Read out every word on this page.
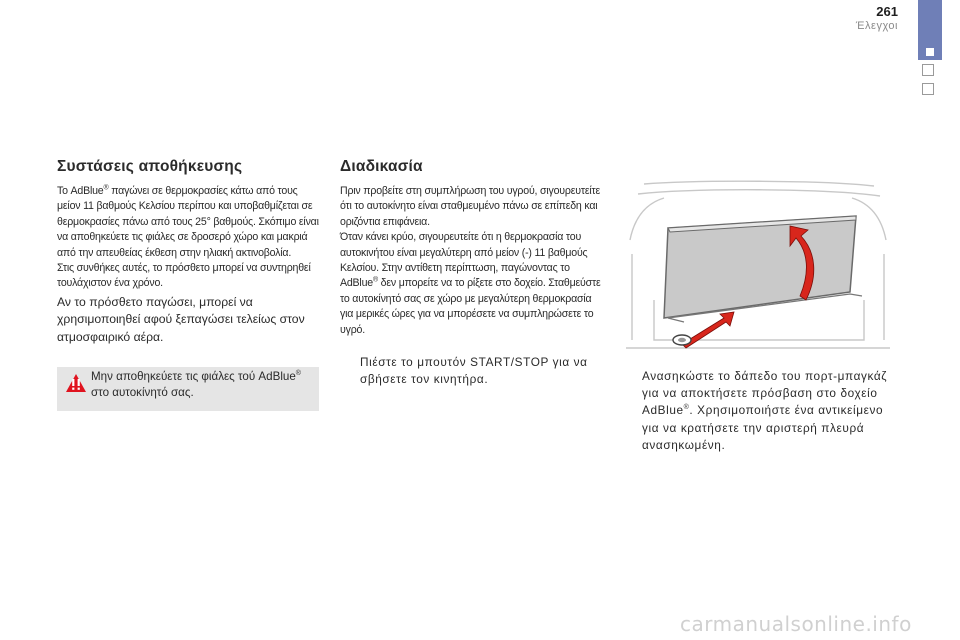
261
Έλεγχοι
Συστάσεις αποθήκευσης

Το AdBlue® παγώνει σε θερμοκρασίες κάτω από τους μείον 11 βαθμούς Κελσίου περίπου και υποβαθμίζεται σε θερμοκρασίες πάνω από τους 25° βαθμούς. Σκόπιμο είναι να αποθηκεύετε τις φιάλες σε δροσερό χώρο και μακριά από την απευθείας έκθεση στην ηλιακή ακτινοβολία.

Στις συνθήκες αυτές, το πρόσθετο μπορεί να συντηρηθεί τουλάχιστον ένα χρόνο.

Αν το πρόσθετο παγώσει, μπορεί να χρησιμοποιηθεί αφού ξεπαγώσει τελείως στον ατμοσφαιρικό αέρα.

Μην αποθηκεύετε τις φιάλες τού AdBlue® στο αυτοκίνητό σας.

Διαδικασία

Πριν προβείτε στη συμπλήρωση του υγρού, σιγουρευτείτε ότι το αυτοκίνητο είναι σταθμευμένο πάνω σε επίπεδη και οριζόντια επιφάνεια.

Όταν κάνει κρύο, σιγουρευτείτε ότι η θερμοκρασία του αυτοκινήτου είναι μεγαλύτερη από μείον (-) 11 βαθμούς Κελσίου. Στην αντίθετη περίπτωση, παγώνοντας το AdBlue® δεν μπορείτε να το ρίξετε στο δοχείο. Σταθμεύστε το αυτοκίνητό σας σε χώρο με μεγαλύτερη θερμοκρασία για μερικές ώρες για να μπορέσετε να συμπληρώσετε το υγρό.

Πιέστε το μπουτόν START/STOP για να σβήσετε τον κινητήρα.	Ανασηκώστε το δάπεδο του πορτ-μπαγκάζ για να αποκτήσετε πρόσβαση στο δοχείο AdBlue®. Χρησιμοποιήστε ένα αντικείμενο για να κρατήσετε την αριστερή πλευρά ανασηκωμένη.
carmanualsonline.info
